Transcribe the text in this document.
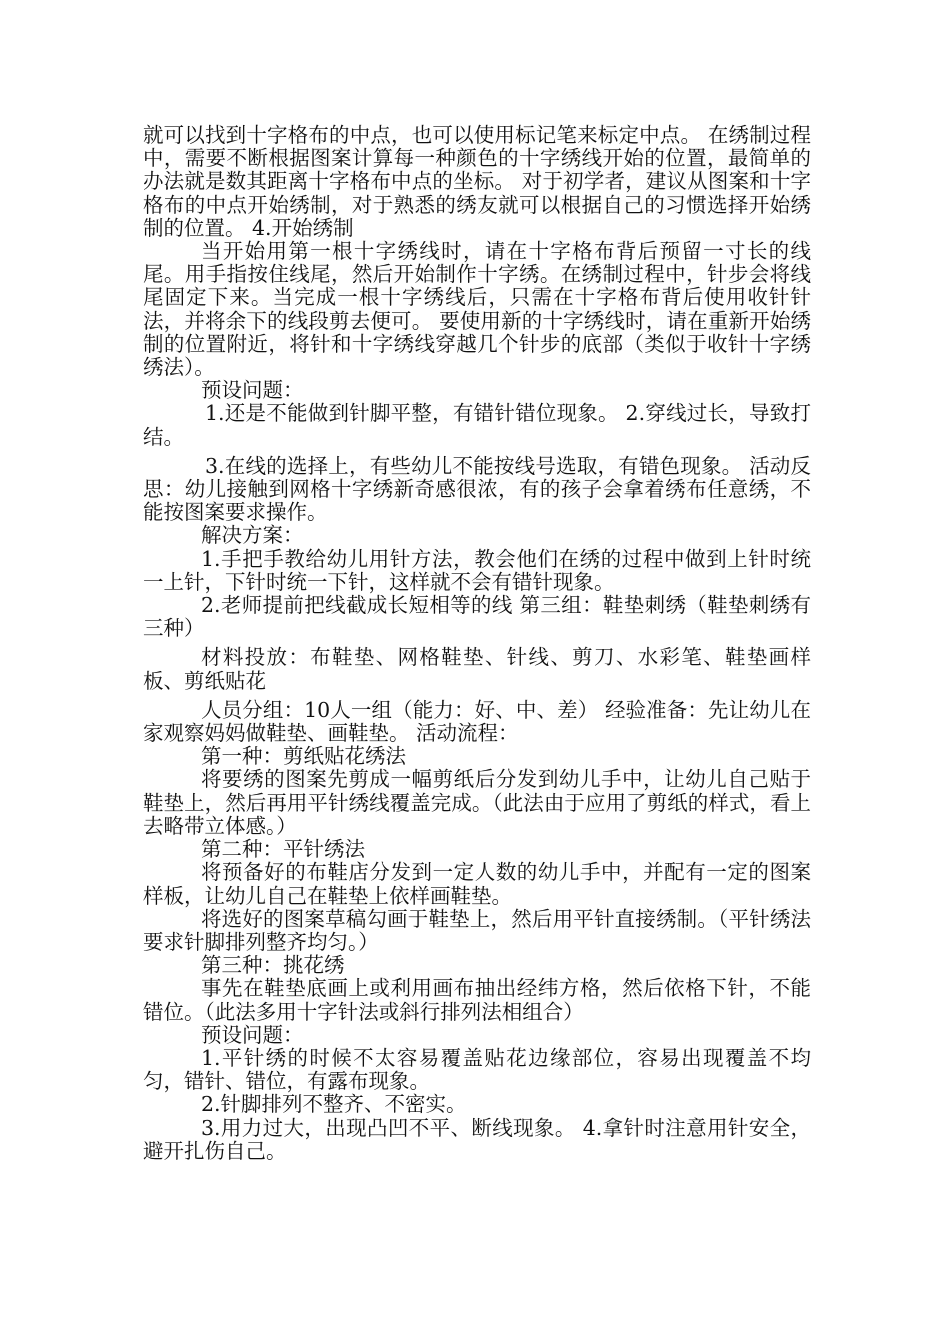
就可以找到十字格布的中点，也可以使用标记笔来标定中点。 在绣制过程中，需要不断根据图案计算每一种颜色的十字绣线开始的位置，最简单的办法就是数其距离十字格布中点的坐标。 对于初学者，建议从图案和十字格布的中点开始绣制，对于熟悉的绣友就可以根据自己的习惯选择开始绣制的位置。 4.开始绣制

当开始用第一根十字绣线时，请在十字格布背后预留一寸长的线尾。用手指按住线尾，然后开始制作十字绣。在绣制过程中，针步会将线尾固定下来。当完成一根十字绣线后，只需在十字格布背后使用收针针法，并将余下的线段剪去便可。 要使用新的十字绣线时，请在重新开始绣制的位置附近，将针和十字绣线穿越几个针步的底部（类似于收针十字绣绣法）。

预设问题：

1.还是不能做到针脚平整，有错针错位现象。 2.穿线过长，导致打结。

3.在线的选择上，有些幼儿不能按线号选取，有错色现象。 活动反思：幼儿接触到网格十字绣新奇感很浓，有的孩子会拿着绣布任意绣，不能按图案要求操作。

解决方案：

1.手把手教给幼儿用针方法，教会他们在绣的过程中做到上针时统一上针，下针时统一下针，这样就不会有错针现象。

2.老师提前把线截成长短相等的线 第三组：鞋垫刺绣（鞋垫刺绣有三种）

材料投放：布鞋垫、网格鞋垫、针线、剪刀、水彩笔、鞋垫画样板、剪纸贴花

人员分组：10人一组（能力：好、中、差） 经验准备：先让幼儿在家观察妈妈做鞋垫、画鞋垫。 活动流程：

第一种：剪纸贴花绣法

将要绣的图案先剪成一幅剪纸后分发到幼儿手中，让幼儿自己贴于鞋垫上，然后再用平针绣线覆盖完成。（此法由于应用了剪纸的样式，看上去略带立体感。）

第二种：平针绣法

将预备好的布鞋店分发到一定人数的幼儿手中，并配有一定的图案样板，让幼儿自己在鞋垫上依样画鞋垫。

将选好的图案草稿勾画于鞋垫上，然后用平针直接绣制。（平针绣法要求针脚排列整齐均匀。）

第三种：挑花绣

事先在鞋垫底画上或利用画布抽出经纬方格，然后依格下针，不能错位。（此法多用十字针法或斜行排列法相组合）

预设问题：

1.平针绣的时候不太容易覆盖贴花边缘部位，容易出现覆盖不均匀，错针、错位，有露布现象。

2.针脚排列不整齐、不密实。

3.用力过大，出现凸凹不平、断线现象。 4.拿针时注意用针安全，避开扎伤自己。
